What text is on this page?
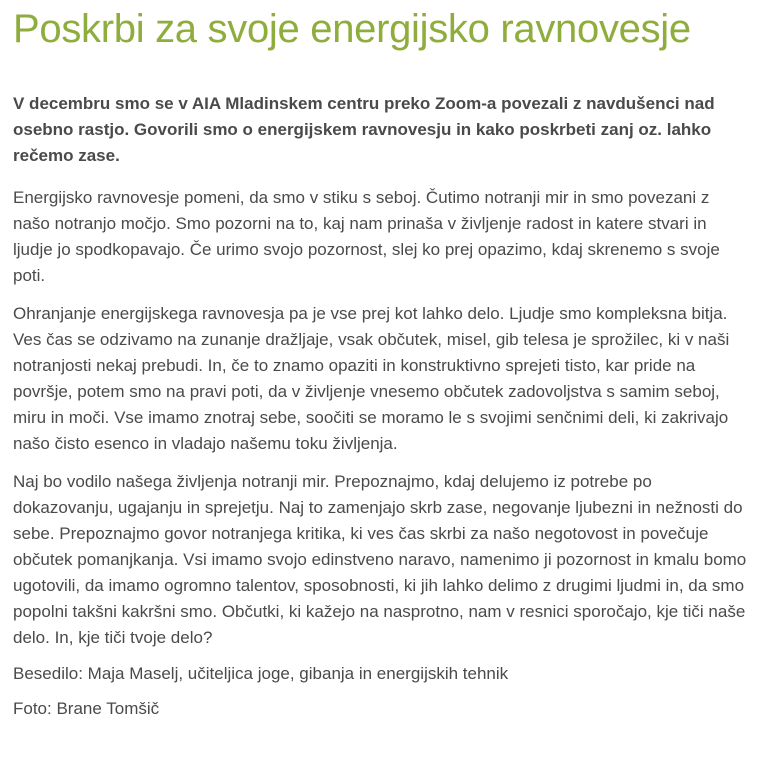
Poskrbi za svoje energijsko ravnovesje

V decembru smo se v AIA Mladinskem centru preko Zoom-a povezali z navdušenci nad osebno rastjo. Govorili smo o energijskem ravnovesju in kako poskrbeti zanj oz. lahko rečemo zase.

Energijsko ravnovesje pomeni, da smo v stiku s seboj. Čutimo notranji mir in smo povezani z našo notranjo močjo. Smo pozorni na to, kaj nam prinaša v življenje radost in katere stvari in ljudje jo spodkopavajo. Če urimo svojo pozornost, slej ko prej opazimo, kdaj skrenemo s svoje poti.

Ohranjanje energijskega ravnovesja pa je vse prej kot lahko delo. Ljudje smo kompleksna bitja. Ves čas se odzivamo na zunanje dražljaje, vsak občutek, misel, gib telesa je sprožilec, ki v naši notranjosti nekaj prebudi. In, če to znamo opaziti in konstruktivno sprejeti tisto, kar pride na površje, potem smo na pravi poti, da v življenje vnesemo občutek zadovoljstva s samim seboj, miru in moči. Vse imamo znotraj sebe, soočiti se moramo le s svojimi senčnimi deli, ki zakrivajo našo čisto esenco in vladajo našemu toku življenja.

Naj bo vodilo našega življenja notranji mir. Prepoznajmo, kdaj delujemo iz potrebe po dokazovanju, ugajanju in sprejetju. Naj to zamenjajo skrb zase, negovanje ljubezni in nežnosti do sebe. Prepoznajmo govor notranjega kritika, ki ves čas skrbi za našo negotovost in povečuje občutek pomanjkanja. Vsi imamo svojo edinstveno naravo, namenimo ji pozornost in kmalu bomo ugotovili, da imamo ogromno talentov, sposobnosti, ki jih lahko delimo z drugimi ljudmi in, da smo popolni takšni kakršni smo. Občutki, ki kažejo na nasprotno, nam v resnici sporočajo, kje tiči naše delo. In, kje tiči tvoje delo?

Besedilo: Maja Maselj, učiteljica joge, gibanja in energijskih tehnik

Foto: Brane Tomšič
